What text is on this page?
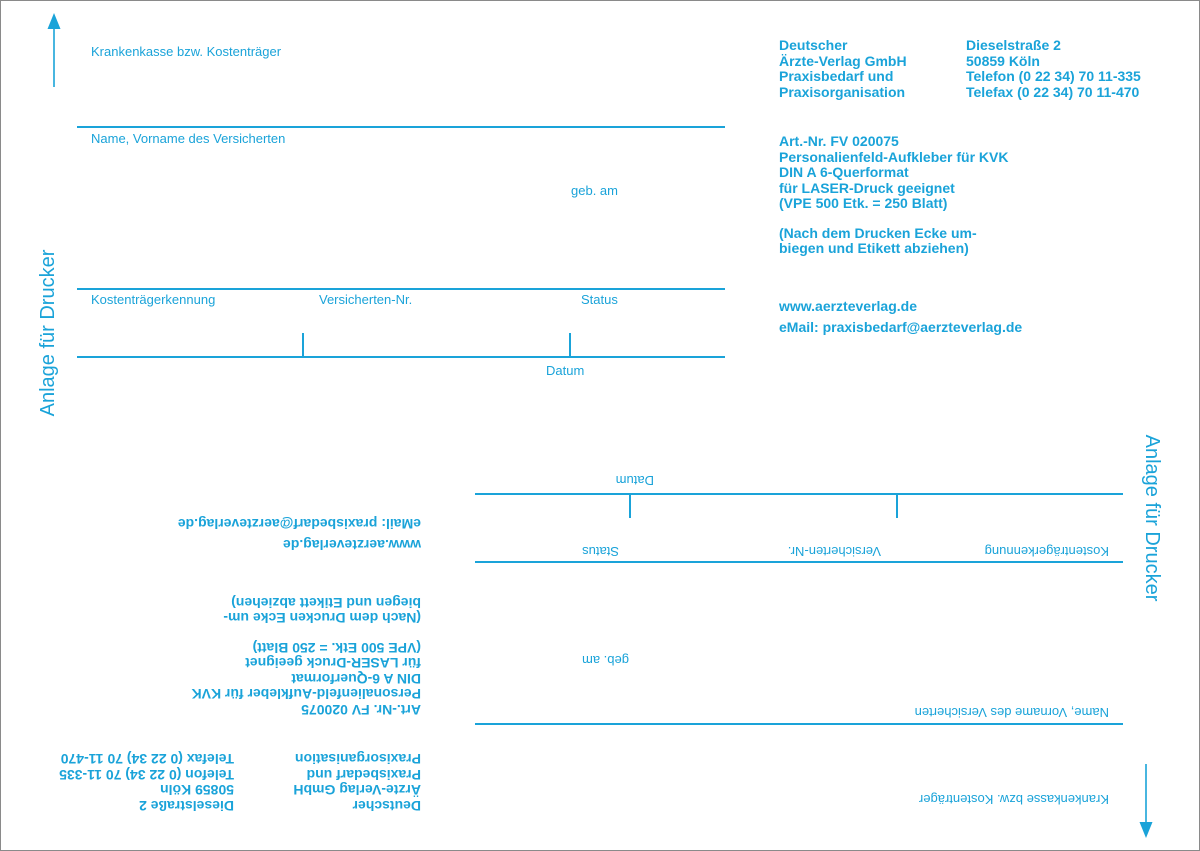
Anlage für Drucker
Krankenkasse bzw. Kostenträger
Name, Vorname des Versicherten
geb. am
Kostenträgerkennung	Versicherten-Nr.	Status
Datum
Deutscher
Ärzte-Verlag GmbH
Praxisbedarf und
Praxisorganisation
Dieselstraße 2
50859 Köln
Telefon (0 22 34) 70 11-335
Telefax (0 22 34) 70 11-470
Art.-Nr. FV 020075
Personalienfeld-Aufkleber für KVK
DIN A 6-Querformat
für LASER-Druck geeignet
(VPE 500 Etk. = 250 Blatt)
(Nach dem Drucken Ecke um-
biegen und Etikett abziehen)
www.aerzteverlag.de
eMail: praxisbedarf@aerzteverlag.de
Anlage für Drucker
Krankenkasse bzw. Kostenträger
Name, Vorname des Versicherten
geb. am
Kostenträgerkennung
Versicherten-Nr.
Status
Datum
Deutscher
Ärzte-Verlag GmbH
Praxisbedarf und
Praxisorganisation
Dieselstraße 2
50859 Köln
Telefon (0 22 34) 70 11-335
Telefax (0 22 34) 70 11-470
Art.-Nr. FV 020075
Personalienfeld-Aufkleber für KVK
DIN A 6-Querformat
für LASER-Druck geeignet
(VPE 500 Etk. = 250 Blatt)
(Nach dem Drucken Ecke um-
biegen und Etikett abziehen)
www.aerzteverlag.de
eMail: praxisbedarf@aerzteverlag.de
